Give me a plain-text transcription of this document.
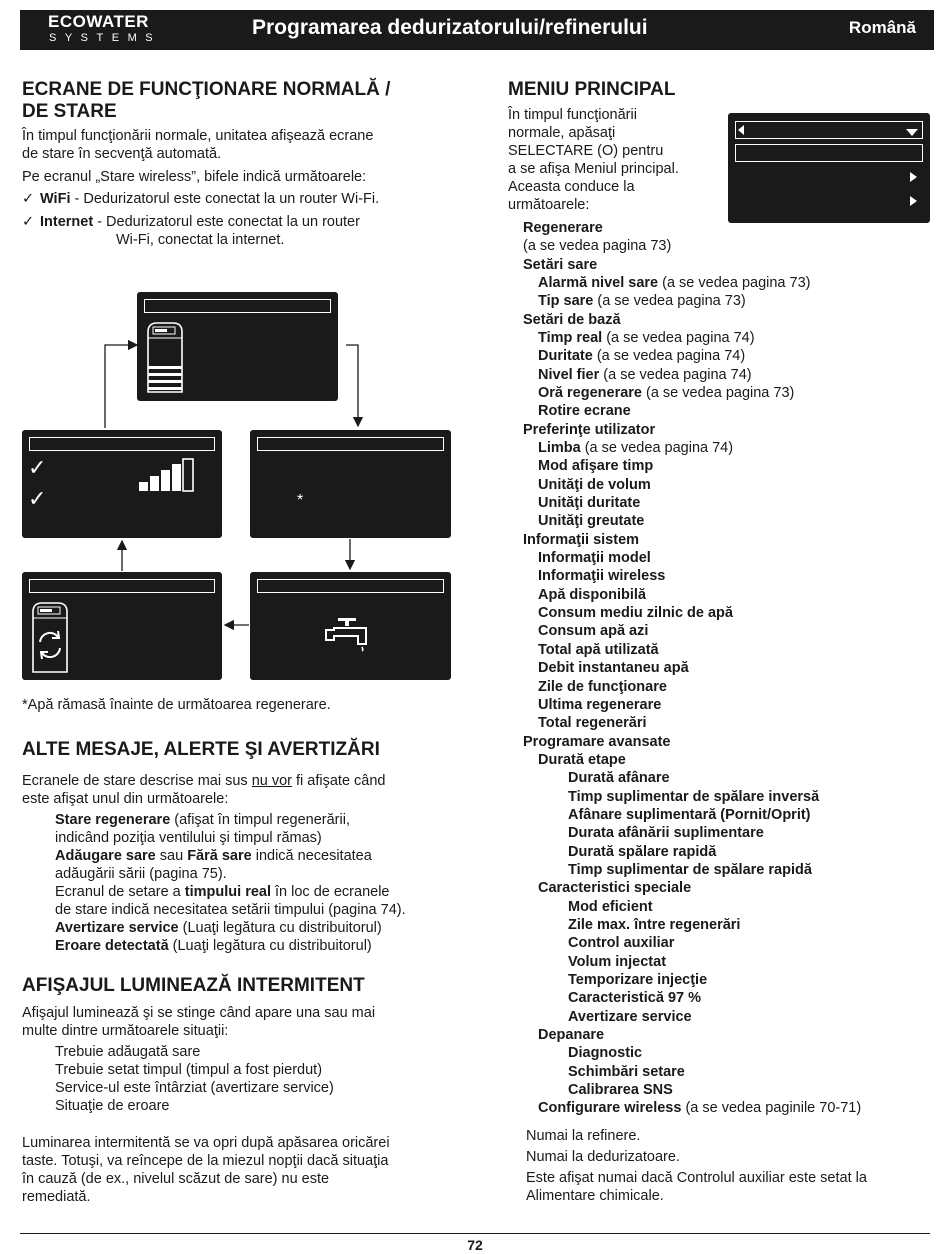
ECOWATER
SYSTEMS	Programarea dedurizatorului/refinerului	Română
ECRANE DE FUNCŢIONARE NORMALĂ /
DE STARE
În timpul funcţionării normale, unitatea afişează ecrane
de stare în secvenţă automată.
Pe ecranul „Stare wireless”, bifele indică următoarele:
✓ WiFi - Dedurizatorul este conectat la un router Wi-Fi.
✓ Internet - Dedurizatorul este conectat la un router
Wi-Fi, conectat la internet.
✓
✓	*
*Apă rămasă înainte de următoarea regenerare.
ALTE MESAJE, ALERTE ŞI AVERTIZĂRI
Ecranele de stare descrise mai sus nu vor fi afişate când
este afişat unul din următoarele:
Stare regenerare (afişat în timpul regenerării,
indicând poziţia ventilului şi timpul rămas)
Adăugare sare sau Fără sare indică necesitatea
adăugării sării (pagina 75).
Ecranul de setare a timpului real în loc de ecranele
de stare indică necesitatea setării timpului (pagina 74).
Avertizare service (Luaţi legătura cu distribuitorul)
Eroare detectată (Luaţi legătura cu distribuitorul)
AFIŞAJUL LUMINEAZĂ INTERMITENT
Afişajul luminează şi se stinge când apare una sau mai
multe dintre următoarele situaţii:
Trebuie adăugată sare
Trebuie setat timpul (timpul a fost pierdut)
Service-ul este întârziat (avertizare service)
Situaţie de eroare
Luminarea intermitentă se va opri după apăsarea oricărei
taste. Totuşi, va reîncepe de la miezul nopţii dacă situaţia
în cauză (de ex., nivelul scăzut de sare) nu este
remediată.
MENIU PRINCIPAL
În timpul funcţionării
normale, apăsaţi
SELECTARE (O) pentru
a se afişa Meniul principal.
Aceasta conduce la
următoarele:
Regenerare
(a se vedea pagina 73)
Setări sare
Alarmă nivel sare (a se vedea pagina 73)
Tip sare (a se vedea pagina 73)
Setări de bază
Timp real (a se vedea pagina 74)
Duritate (a se vedea pagina 74)
Nivel fier (a se vedea pagina 74)
Oră regenerare (a se vedea pagina 73)
Rotire ecrane
Preferinţe utilizator
Limba (a se vedea pagina 74)
Mod afişare timp
Unităţi de volum
Unităţi duritate
Unităţi greutate
Informaţii sistem
Informaţii model
Informaţii wireless
Apă disponibilă
Consum mediu zilnic de apă
Consum apă azi
Total apă utilizată
Debit instantaneu apă
Zile de funcţionare
Ultima regenerare
Total regenerări
Programare avansate
Durată etape
Durată afânare
Timp suplimentar de spălare inversă
Afânare suplimentară (Pornit/Oprit)
Durata afânării suplimentare
Durată spălare rapidă
Timp suplimentar de spălare rapidă
Caracteristici speciale
Mod eficient
Zile max. între regenerări
Control auxiliar
Volum injectat
Temporizare injecţie
Caracteristică 97 %
Avertizare service
Depanare
Diagnostic
Schimbări setare
Calibrarea SNS
Configurare wireless (a se vedea paginile 70-71)
Numai la refinere.
Numai la dedurizatoare.
Este afişat numai dacă Controlul auxiliar este setat la
Alimentare chimicale.
72
